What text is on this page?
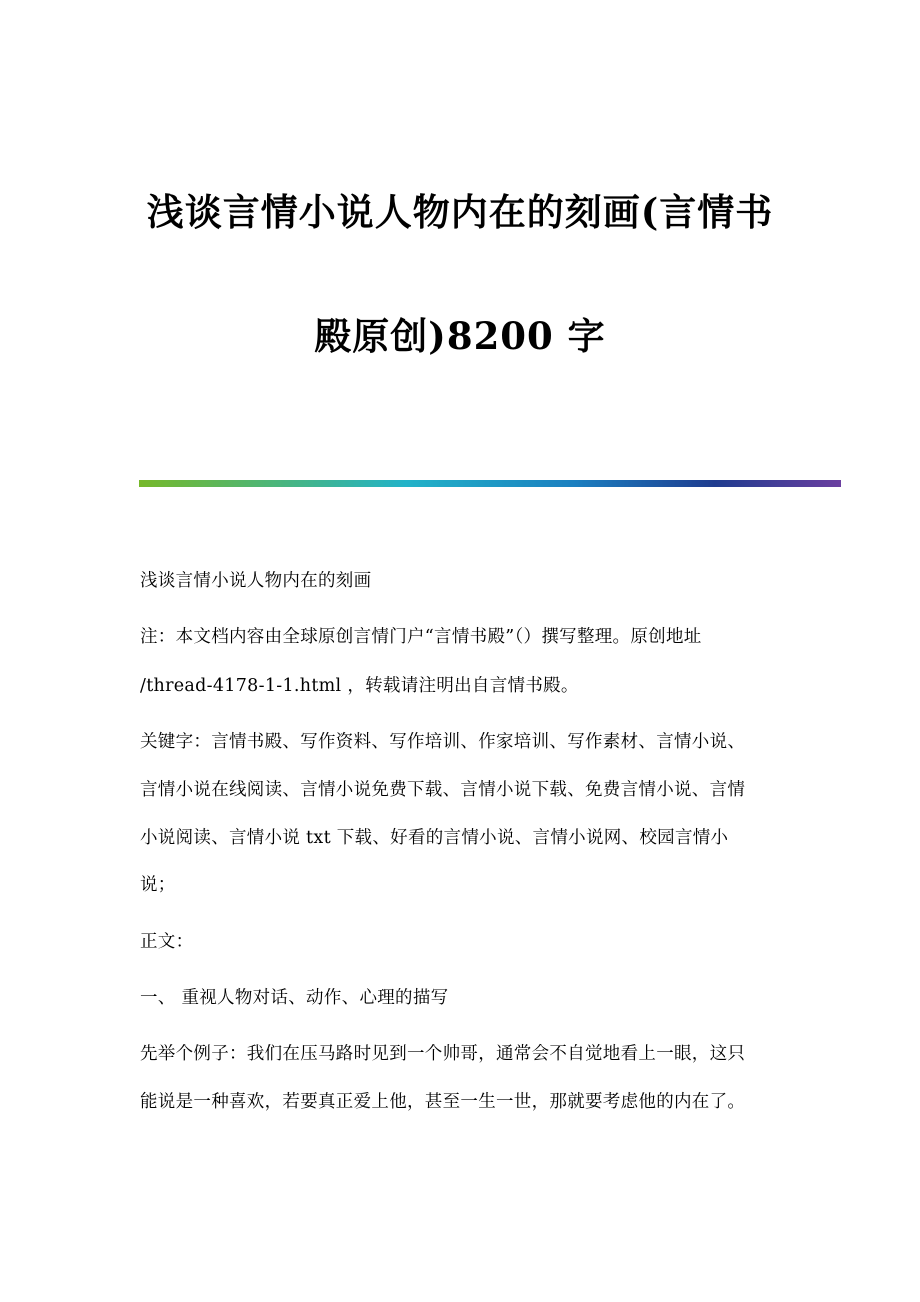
浅谈言情小说人物内在的刻画(言情书
殿原创)8200 字
浅谈言情小说人物内在的刻画
注：本文档内容由全球原创言情门户“言情书殿”（）撰写整理。原创地址
/thread-4178-1-1.html ，转载请注明出自言情书殿。
关键字：言情书殿、写作资料、写作培训、作家培训、写作素材、言情小说、
言情小说在线阅读、言情小说免费下载、言情小说下载、免费言情小说、言情
小说阅读、言情小说 txt 下载、好看的言情小说、言情小说网、校园言情小
说；
正文：
一、 重视人物对话、动作、心理的描写
先举个例子：我们在压马路时见到一个帅哥，通常会不自觉地看上一眼，这只
能说是一种喜欢，若要真正爱上他，甚至一生一世，那就要考虑他的内在了。
